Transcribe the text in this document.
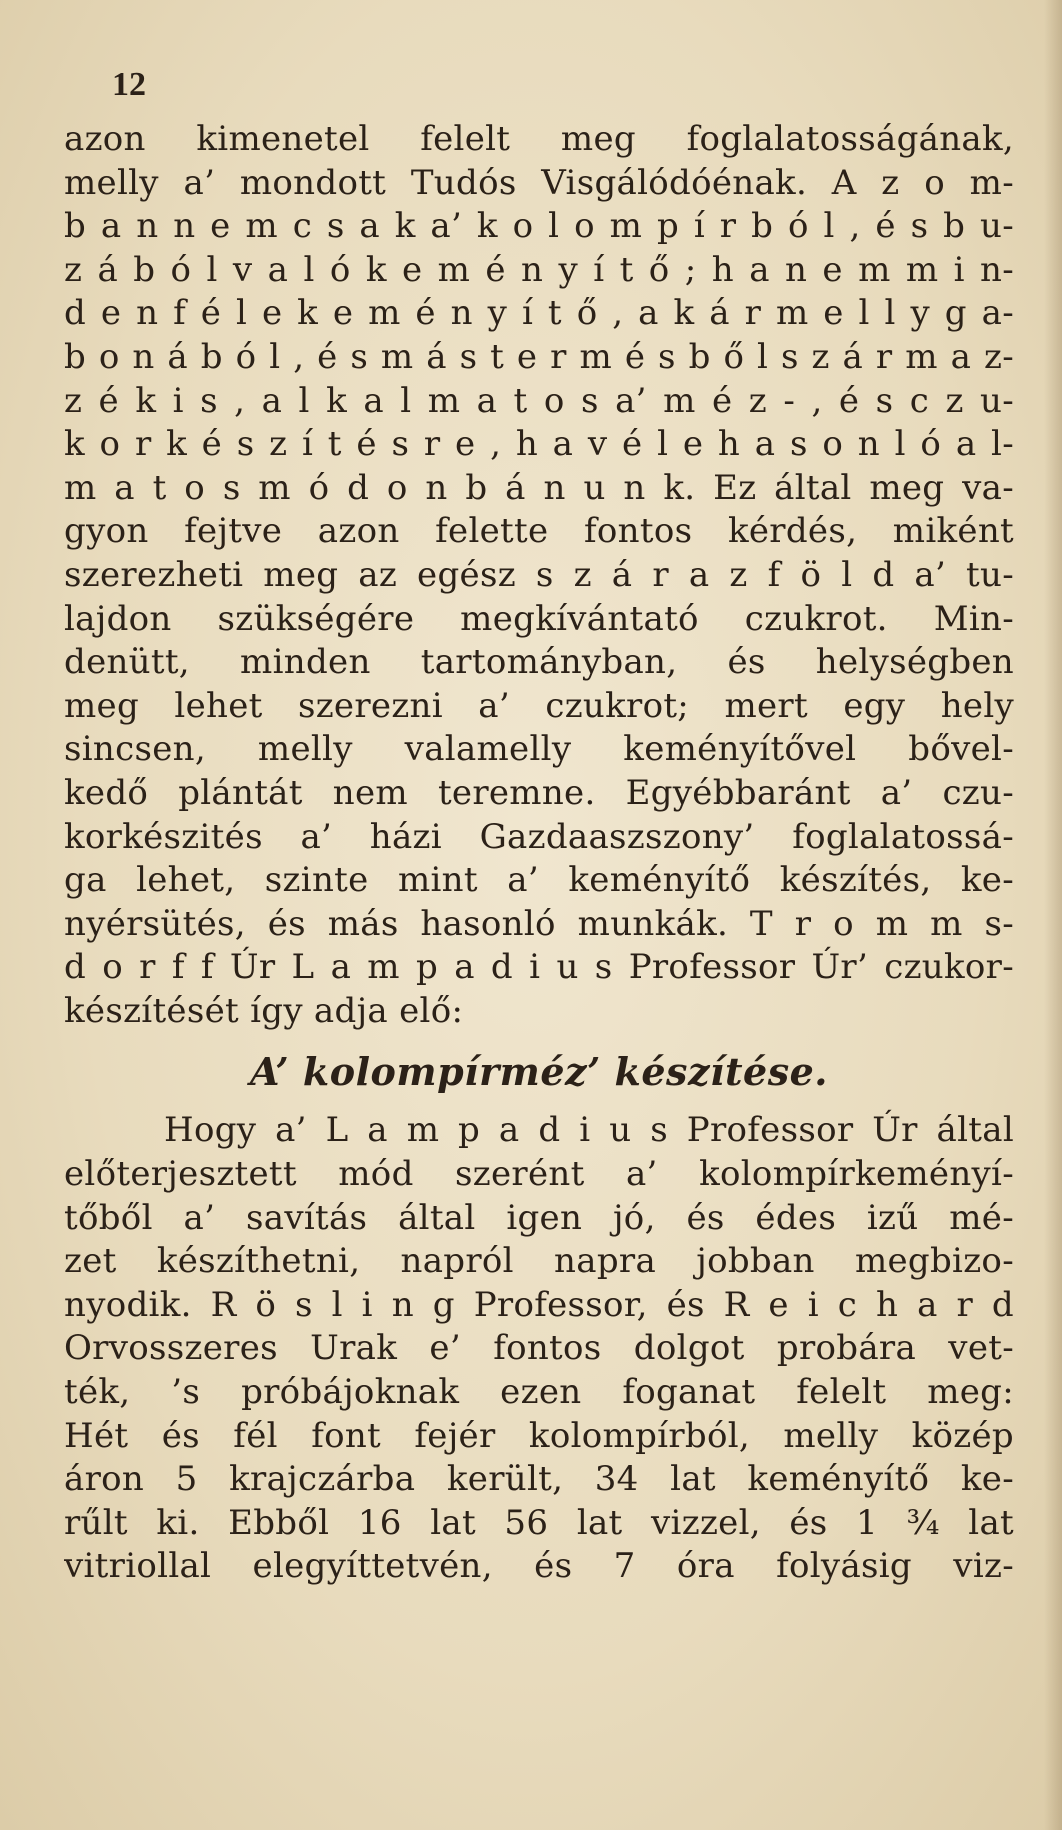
12
azon kimenetel felelt meg foglalatosságának,
melly a’ mondott Tudós Visgálódóénak. A z o m-
b a n n e m c s a k a’ k o l o m p í r b ó l , é s b u-
z á b ó l v a l ó k e m é n y í t ő ; h a n e m m i n-
d e n f é l e k e m é n y í t ő , a k á r m e l l y g a-
b o n á b ó l , é s m á s t e r m é s b ő l s z á r m a z-
z é k i s , a l k a l m a t o s a’ m é z - , é s c z u-
k o r k é s z í t é s r e , h a v é l e h a s o n l ó a l-
m a t o s m ó d o n b á n u n k. Ez által meg va-
gyon fejtve azon felette fontos kérdés, miként
szerezheti meg az egész s z á r a z f ö l d a’ tu-
lajdon szükségére megkívántató czukrot. Min-
denütt, minden tartományban, és helységben
meg lehet szerezni a’ czukrot; mert egy hely
sincsen, melly valamelly keményítővel bővel-
kedő plántát nem teremne. Egyébbaránt a’ czu-
korkészités a’ házi Gazdaaszszony’ foglalatossá-
ga lehet, szinte mint a’ keményítő készítés, ke-
nyérsütés, és más hasonló munkák. T r o m m s-
d o r f f Úr L a m p a d i u s Professor Úr’ czukor-
készítését így adja elő:
A’ kolompírméz’ készítése.
Hogy a’ L a m p a d i u s Professor Úr által
előterjesztett mód szerént a’ kolompírkeményí-
tőből a’ savítás által igen jó, és édes izű mé-
zet készíthetni, napról napra jobban megbizo-
nyodik. R ö s l i n g Professor, és R e i c h a r d
Orvosszeres Urak e’ fontos dolgot probára vet-
ték, ’s próbájoknak ezen foganat felelt meg:
Hét és fél font fejér kolompírból, melly közép
áron 5 krajczárba került, 34 lat keményítő ke-
rűlt ki. Ebből 16 lat 56 lat vizzel, és 1 ¾ lat
vitriollal elegyíttetvén, és 7 óra folyásig viz-
